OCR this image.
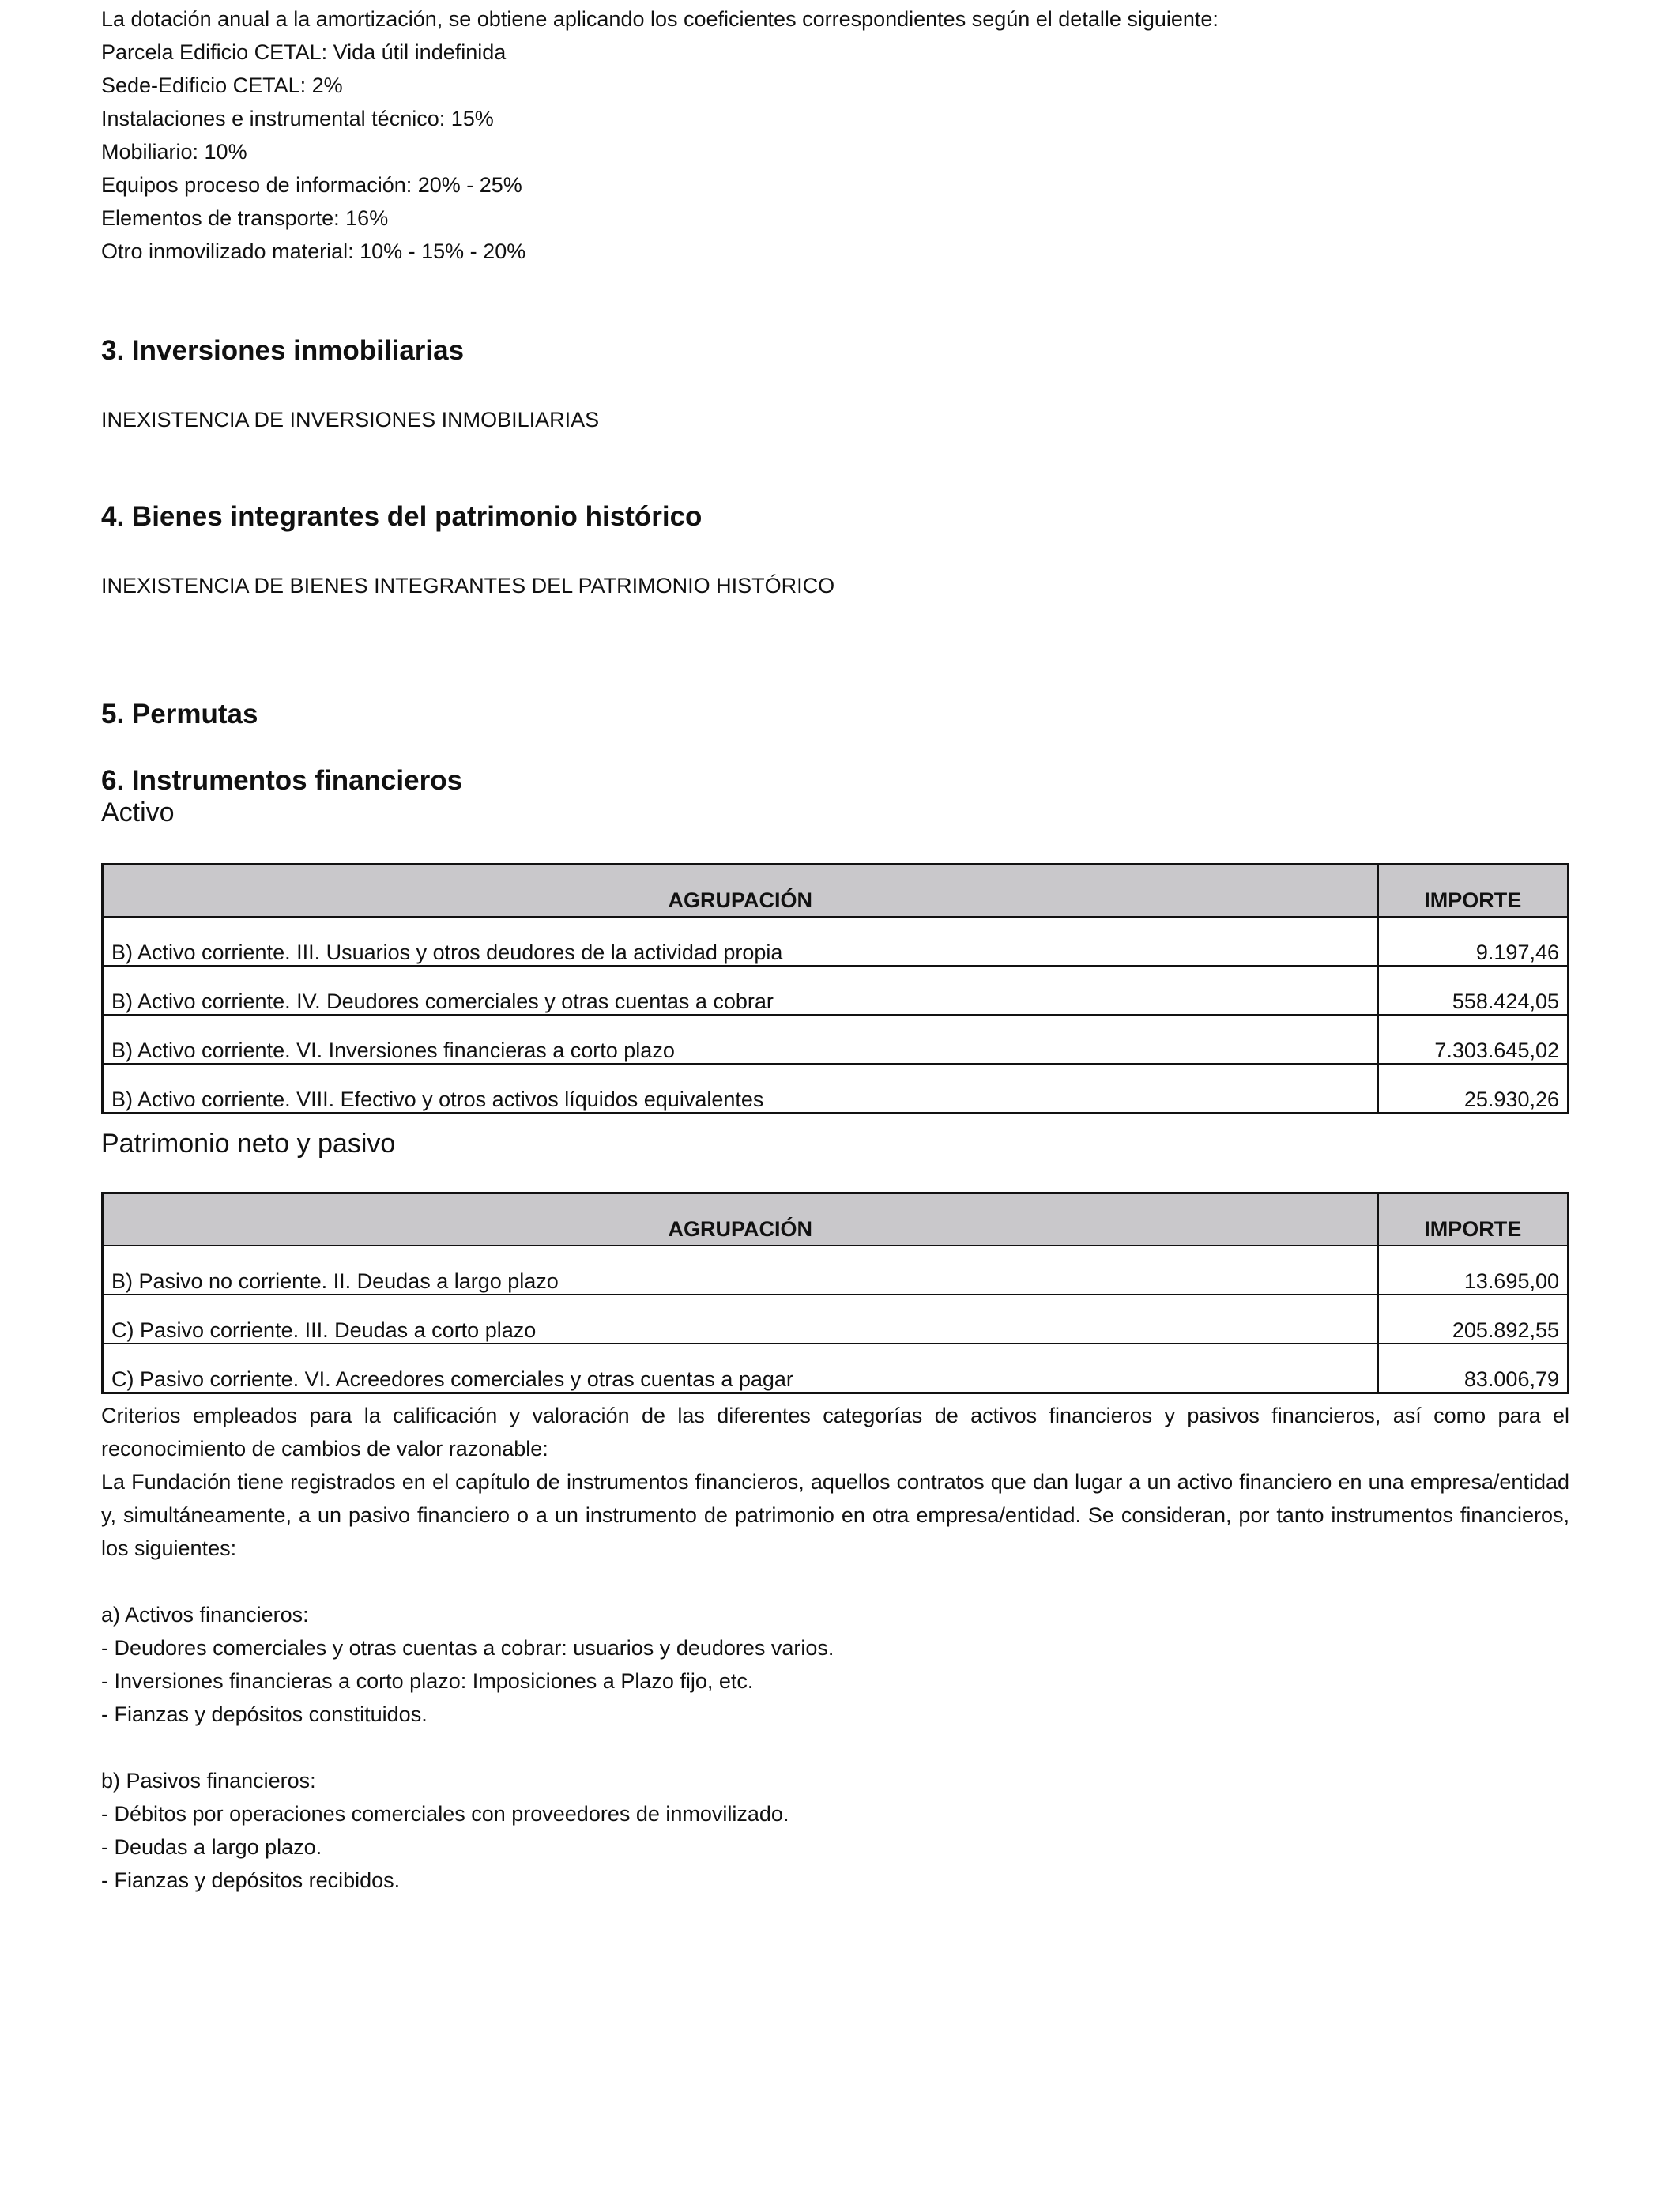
La dotación anual a la amortización, se obtiene aplicando los coeficientes correspondientes según el detalle siguiente:

Parcela Edificio CETAL: Vida útil indefinida

Sede-Edificio CETAL: 2%

Instalaciones e instrumental técnico: 15%

Mobiliario: 10%

Equipos proceso de información: 20% - 25%

Elementos de transporte: 16%

Otro inmovilizado material: 10% - 15% - 20%

3. Inversiones inmobiliarias

INEXISTENCIA DE INVERSIONES INMOBILIARIAS

4. Bienes integrantes del patrimonio histórico

INEXISTENCIA DE BIENES INTEGRANTES DEL PATRIMONIO HISTÓRICO

5. Permutas
6. Instrumentos financieros

Activo

AGRUPACIÓN	IMPORTE
B) Activo corriente. III. Usuarios y otros deudores de la actividad propia	9.197,46
B) Activo corriente. IV. Deudores comerciales y otras cuentas a cobrar	558.424,05
B) Activo corriente. VI. Inversiones financieras a corto plazo	7.303.645,02
B) Activo corriente. VIII. Efectivo y otros activos líquidos equivalentes	25.930,26

Patrimonio neto y pasivo

AGRUPACIÓN	IMPORTE
B) Pasivo no corriente. II. Deudas a largo plazo	13.695,00
C) Pasivo corriente. III. Deudas a corto plazo	205.892,55
C) Pasivo corriente. VI. Acreedores comerciales y otras cuentas a pagar	83.006,79

Criterios empleados para la calificación y valoración de las diferentes categorías de activos financieros y pasivos financieros, así como para el reconocimiento de cambios de valor razonable:

La Fundación tiene registrados en el capítulo de instrumentos financieros, aquellos contratos que dan lugar a un activo financiero en una empresa/entidad y, simultáneamente, a un pasivo financiero o a un instrumento de patrimonio en otra empresa/entidad. Se consideran, por tanto instrumentos financieros, los siguientes:

a) Activos financieros:

- Deudores comerciales y otras cuentas a cobrar: usuarios y deudores varios.

- Inversiones financieras a corto plazo: Imposiciones a Plazo fijo, etc.

- Fianzas y depósitos constituidos.

b) Pasivos financieros:

- Débitos por operaciones comerciales con proveedores de inmovilizado.

- Deudas a largo plazo.

- Fianzas y depósitos recibidos.
